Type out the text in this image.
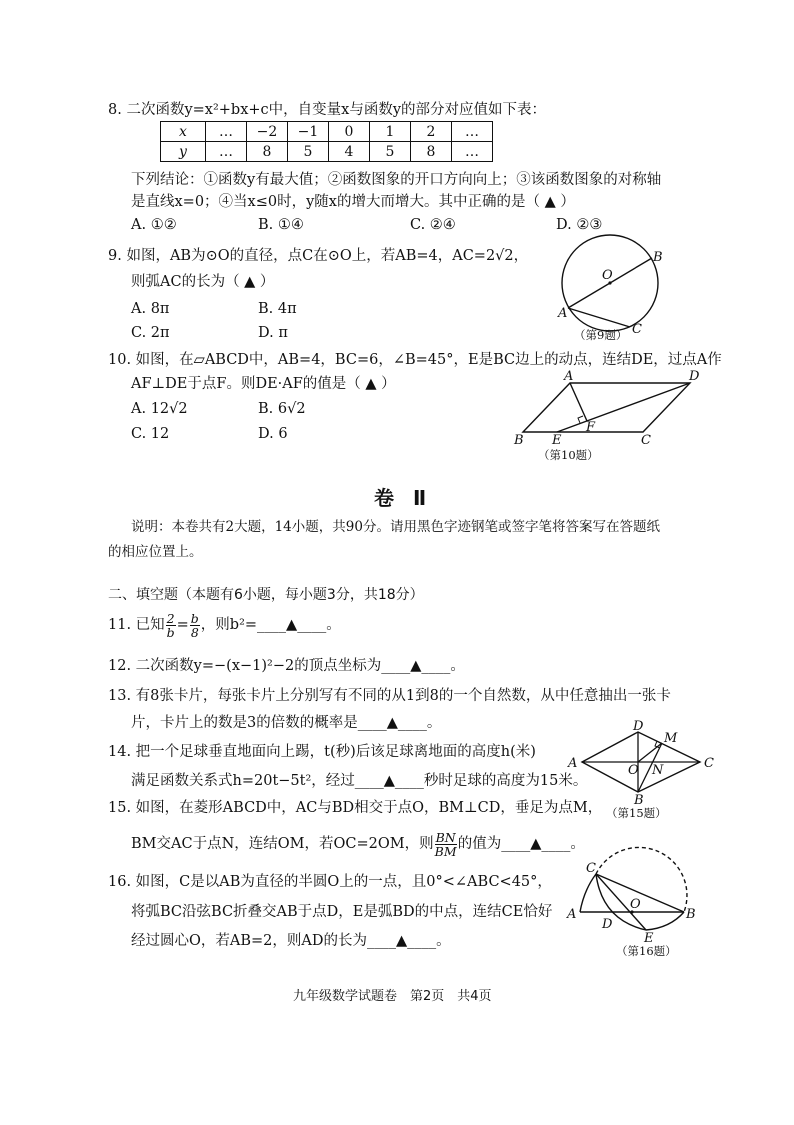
8. 二次函数y=x²+bx+c中，自变量x与函数y的部分对应值如下表：
x	…	−2	−1	0	1	2	…
y	…	8	5	4	5	8	…
下列结论：①函数y有最大值；②函数图象的开口方向向上；③该函数图象的对称轴
是直线x=0；④当x≤0时，y随x的增大而增大。其中正确的是（ ▲ ）
A. ①②	B. ①④	C. ②④	D. ②③
9. 如图，AB为⊙O的直径，点C在⊙O上，若AB=4，AC=2√2，
则弧AC的长为（ ▲ ）
A. 8π	B. 4π
C. 2π	D. π
O
B
A
C
（第9题）
10. 如图，在▱ABCD中，AB=4，BC=6，∠B=45°，E是BC边上的动点，连结DE，过点A作
AF⊥DE于点F。则DE·AF的值是（ ▲ ）
A. 12√2	B. 6√2
C. 12	D. 6
A	D
F
B E	C
（第10题）
卷 Ⅱ
说明：本卷共有2大题，14小题，共90分。请用黑色字迹钢笔或签字笔将答案写在答题纸
的相应位置上。
二、填空题（本题有6小题，每小题3分，共18分）
11. 已知 $\frac{2}{b} = \frac{b}{8}$ ，则b²=____▲____。
12. 二次函数y=−(x−1)²−2的顶点坐标为____▲____。
13. 有8张卡片，每张卡片上分别写有不同的从1到8的一个自然数，从中任意抽出一张卡
片，卡片上的数是3的倍数的概率是____▲____。
14. 把一个足球垂直地面向上踢，t(秒)后该足球离地面的高度h(米)
满足函数关系式h=20t−5t²，经过____▲____秒时足球的高度为15米。
15. 如图，在菱形ABCD中，AC与BD相交于点O，BM⊥CD，垂足为点M，
BM交AC于点N，连结OM，若OC=2OM，则 $\frac{BN}{BM}$ 的值为____▲____。
D
M
A	O N	C
B
（第15题）
16. 如图，C是以AB为直径的半圆O上的一点，且0°<∠ABC<45°，
将弧BC沿弦BC折叠交AB于点D，E是弧BD的中点，连结CE恰好
经过圆心O，若AB=2，则AD的长为____▲____。
C
A
D
O
B
E
（第16题）
九年级数学试题卷　第2页　共4页
